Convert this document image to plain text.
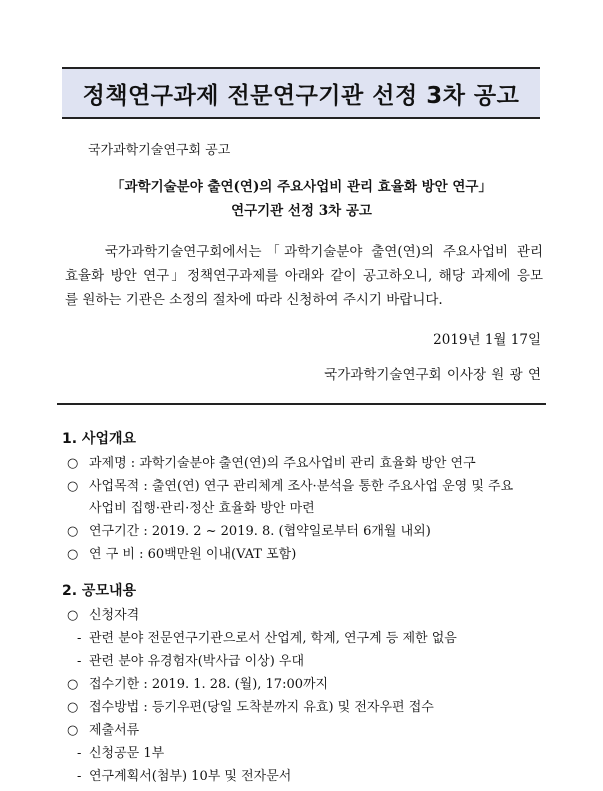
정책연구과제 전문연구기관 선정 3차 공고
국가과학기술연구회 공고
「과학기술분야 출연(연)의 주요사업비 관리 효율화 방안 연구」
연구기관 선정 3차 공고
국가과학기술연구회에서는「과학기술분야 출연(연)의 주요사업비 관리
효율화 방안 연구」정책연구과제를 아래와 같이 공고하오니, 해당 과제에 응모
를 원하는 기관은 소정의 절차에 따라 신청하여 주시기 바랍니다.
2019년 1월 17일
국가과학기술연구회 이사장 원 광 연
1. 사업개요
○ 과제명 : 과학기술분야 출연(연)의 주요사업비 관리 효율화 방안 연구
○ 사업목적 : 출연(연) 연구 관리체계 조사·분석을 통한 주요사업 운영 및 주요
사업비 집행·관리·정산 효율화 방안 마련
○ 연구기간 : 2019. 2 ~ 2019. 8. (협약일로부터 6개월 내외)
○ 연 구 비 : 60백만원 이내(VAT 포함)
2. 공모내용
○ 신청자격
- 관련 분야 전문연구기관으로서 산업계, 학계, 연구계 등 제한 없음
- 관련 분야 유경험자(박사급 이상) 우대
○ 접수기한 : 2019. 1. 28. (월), 17:00까지
○ 접수방법 : 등기우편(당일 도착분까지 유효) 및 전자우편 접수
○ 제출서류
- 신청공문 1부
- 연구계획서(첨부) 10부 및 전자문서
